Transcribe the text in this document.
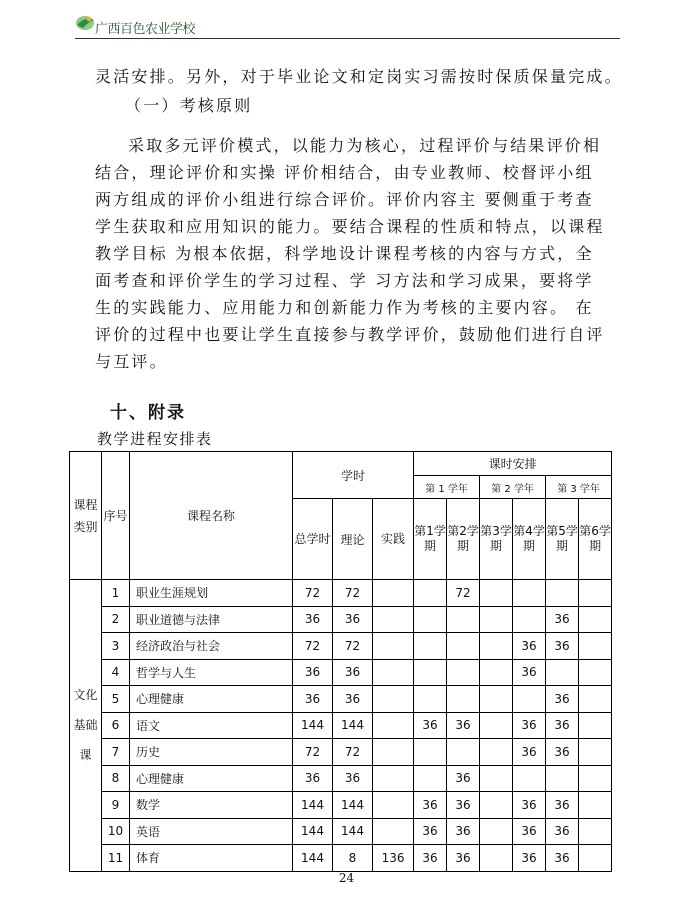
广西百色农业学校
灵活安排。另外，对于毕业论文和定岗实习需按时保质保量完成。
（一）考核原则
采取多元评价模式，以能力为核心，过程评价与结果评价相
结合，理论评价和实操 评价相结合，由专业教师、校督评小组
两方组成的评价小组进行综合评价。评价内容主 要侧重于考查
学生获取和应用知识的能力。要结合课程的性质和特点，以课程
教学目标 为根本依据，科学地设计课程考核的内容与方式，全
面考查和评价学生的学习过程、学 习方法和学习成果，要将学
生的实践能力、应用能力和创新能力作为考核的主要内容。 在
评价的过程中也要让学生直接参与教学评价，鼓励他们进行自评
与互评。
十、附录
教学进程安排表
课程类别	序号	课程名称	学时			课时安排					
						第 1 学年		第 2 学年		第 3 学年	
			总学时	理论	实践	第1学期	第2学期	第3学期	第4学期	第5学期	第6学期
文化基础课	1	职业生涯规划	72	72			72				
	2	职业道德与法律	36	36						36	
	3	经济政治与社会	72	72					36	36	
	4	哲学与人生	36	36					36		
	5	心理健康	36	36						36	
	6	语文	144	144		36	36		36	36	
	7	历史	72	72					36	36	
	8	心理健康	36	36			36				
	9	数学	144	144		36	36		36	36	
	10	英语	144	144		36	36		36	36	
	11	体育	144	8	136	36	36		36	36	
24
